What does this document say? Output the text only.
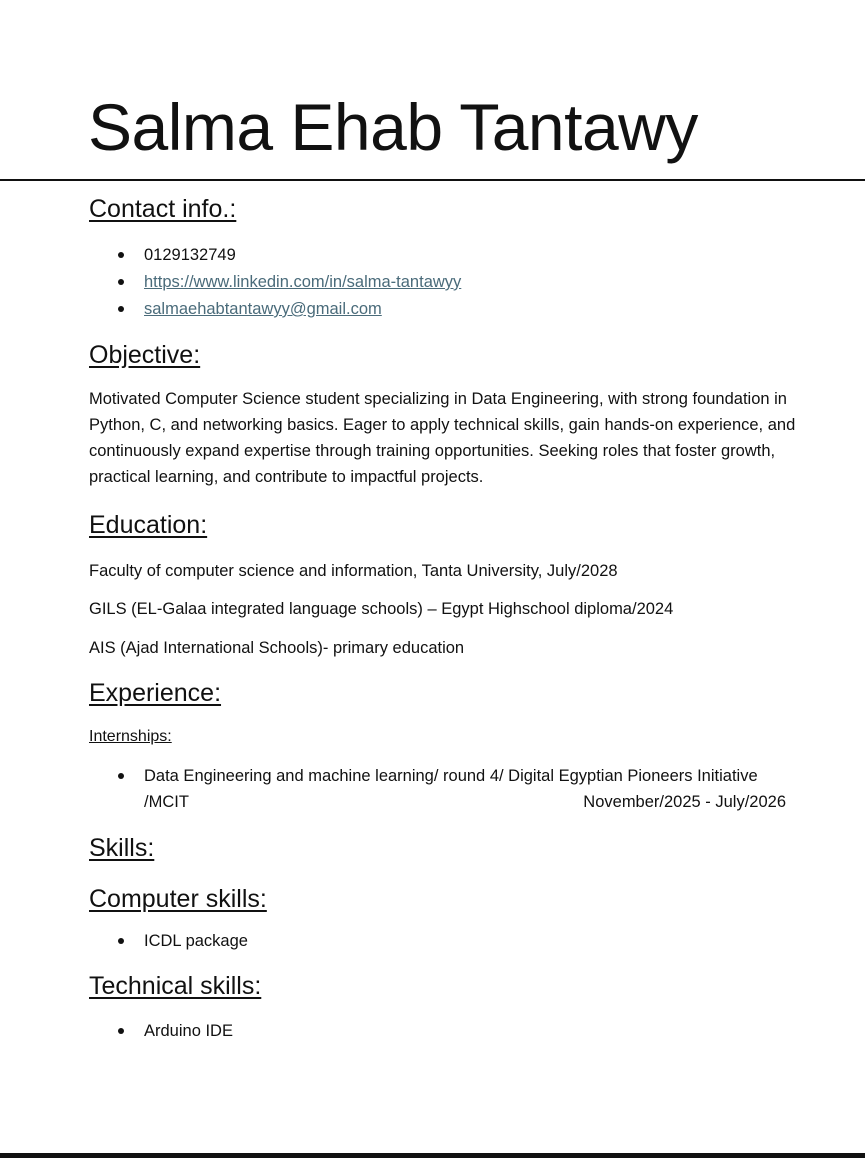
Salma Ehab Tantawy
Contact info.:
0129132749
https://www.linkedin.com/in/salma-tantawyy
salmaehabtantawyy@gmail.com
Objective:

Motivated Computer Science student specializing in Data Engineering, with strong foundation in Python, C, and networking basics. Eager to apply technical skills, gain hands-on experience, and continuously expand expertise through training opportunities. Seeking roles that foster growth, practical learning, and contribute to impactful projects.

Education:

Faculty of computer science and information, Tanta University, July/2028

GILS (EL-Galaa integrated language schools) – Egypt Highschool diploma/2024

AIS (Ajad International Schools)- primary education

Experience:

Internships:

Data Engineering and machine learning/ round 4/ Digital Egyptian Pioneers Initiative
/MCIT	November/2025 - July/2026
Skills:
Computer skills:
ICDL package
Technical skills:
Arduino IDE
